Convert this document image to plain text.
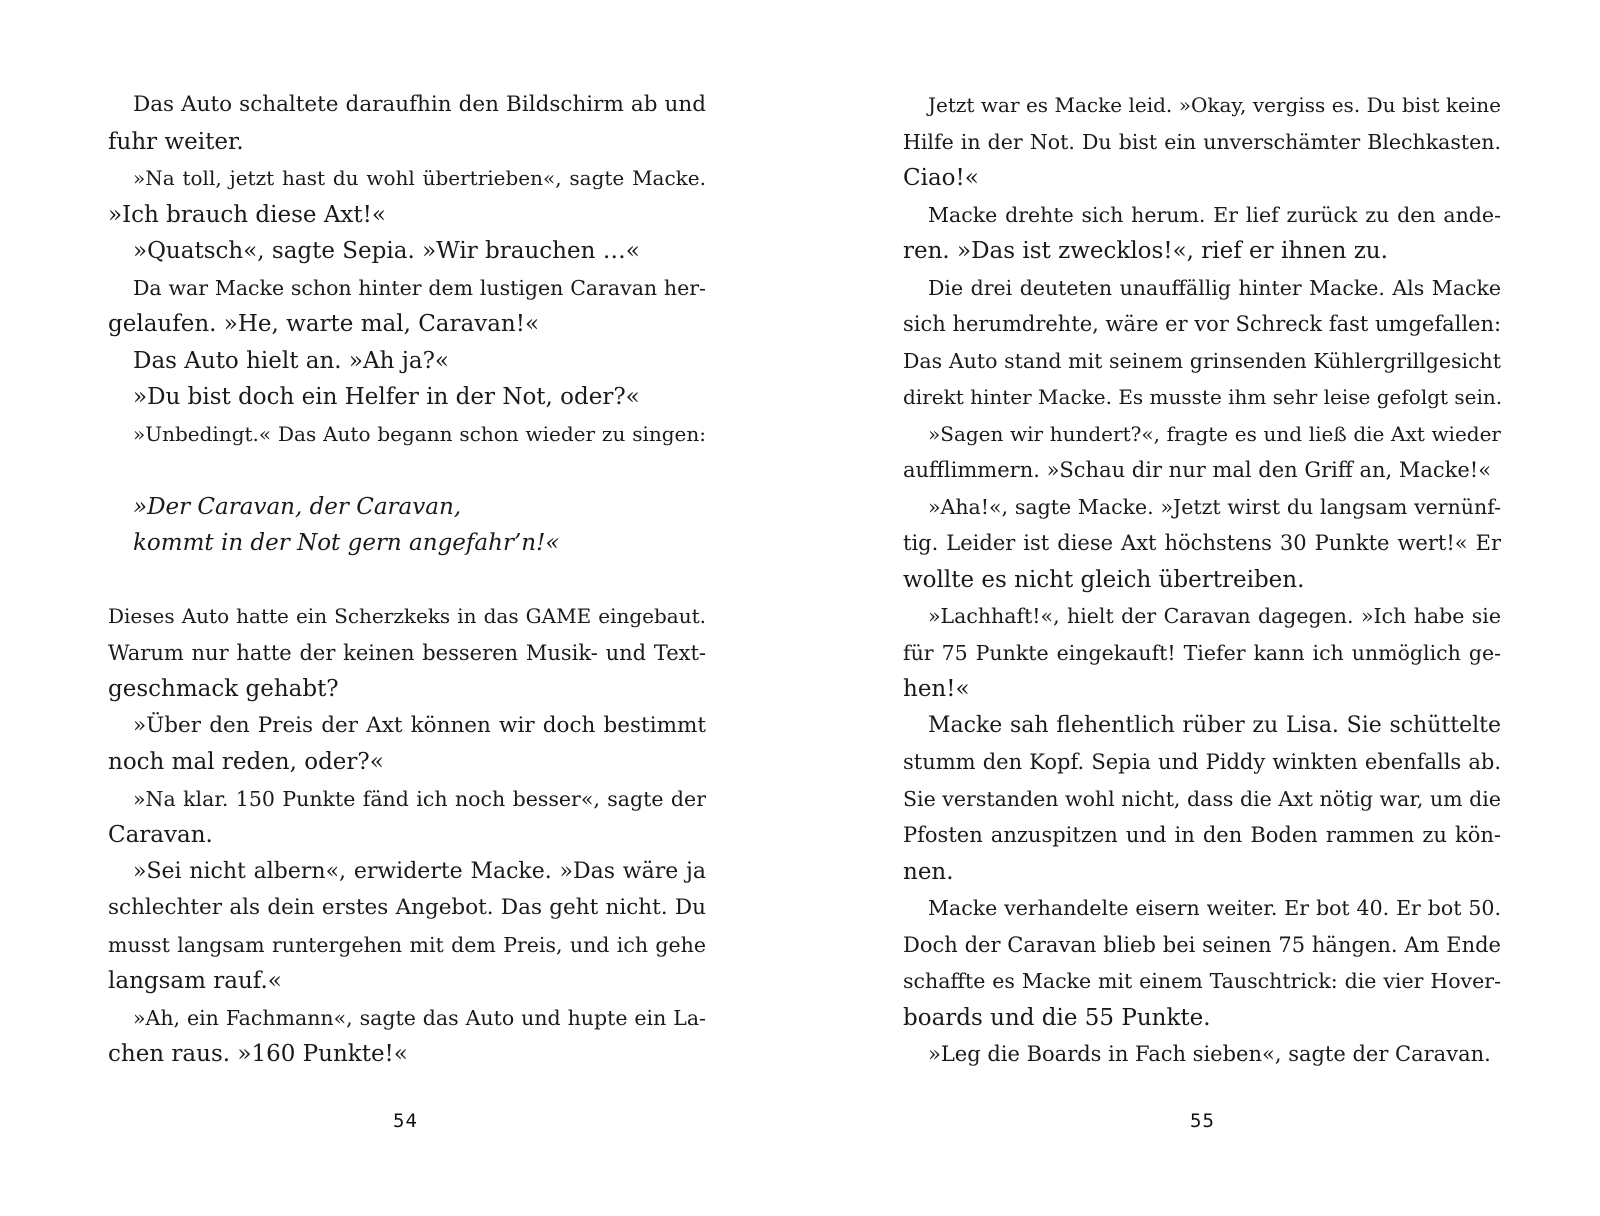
Das Auto schaltete daraufhin den Bildschirm ab und
fuhr weiter.
»Na toll, jetzt hast du wohl übertrieben«, sagte Macke.
»Ich brauch diese Axt!«
»Quatsch«, sagte Sepia. »Wir brauchen …«
Da war Macke schon hinter dem lustigen Caravan her-
gelaufen. »He, warte mal, Caravan!«
Das Auto hielt an. »Ah ja?«
»Du bist doch ein Helfer in der Not, oder?«
»Unbedingt.« Das Auto begann schon wieder zu singen:
»Der Caravan, der Caravan,
kommt in der Not gern angefahr’n!«
Dieses Auto hatte ein Scherzkeks in das GAME eingebaut.
Warum nur hatte der keinen besseren Musik- und Text-
geschmack gehabt?
»Über den Preis der Axt können wir doch bestimmt
noch mal reden, oder?«
»Na klar. 150 Punkte fänd ich noch besser«, sagte der
Caravan.
»Sei nicht albern«, erwiderte Macke. »Das wäre ja
schlechter als dein erstes Angebot. Das geht nicht. Du
musst langsam runtergehen mit dem Preis, und ich gehe
langsam rauf.«
»Ah, ein Fachmann«, sagte das Auto und hupte ein La-
chen raus. »160 Punkte!«
Jetzt war es Macke leid. »Okay, vergiss es. Du bist keine
Hilfe in der Not. Du bist ein unverschämter Blechkasten.
Ciao!«
Macke drehte sich herum. Er lief zurück zu den ande-
ren. »Das ist zwecklos!«, rief er ihnen zu.
Die drei deuteten unauffällig hinter Macke. Als Macke
sich herumdrehte, wäre er vor Schreck fast umgefallen:
Das Auto stand mit seinem grinsenden Kühlergrillgesicht
direkt hinter Macke. Es musste ihm sehr leise gefolgt sein.
»Sagen wir hundert?«, fragte es und ließ die Axt wieder
aufflimmern. »Schau dir nur mal den Griff an, Macke!«
»Aha!«, sagte Macke. »Jetzt wirst du langsam vernünf-
tig. Leider ist diese Axt höchstens 30 Punkte wert!« Er
wollte es nicht gleich übertreiben.
»Lachhaft!«, hielt der Caravan dagegen. »Ich habe sie
für 75 Punkte eingekauft! Tiefer kann ich unmöglich ge-
hen!«
Macke sah flehentlich rüber zu Lisa. Sie schüttelte
stumm den Kopf. Sepia und Piddy winkten ebenfalls ab.
Sie verstanden wohl nicht, dass die Axt nötig war, um die
Pfosten anzuspitzen und in den Boden rammen zu kön-
nen.
Macke verhandelte eisern weiter. Er bot 40. Er bot 50.
Doch der Caravan blieb bei seinen 75 hängen. Am Ende
schaffte es Macke mit einem Tauschtrick: die vier Hover-
boards und die 55 Punkte.
»Leg die Boards in Fach sieben«, sagte der Caravan.
54	55
